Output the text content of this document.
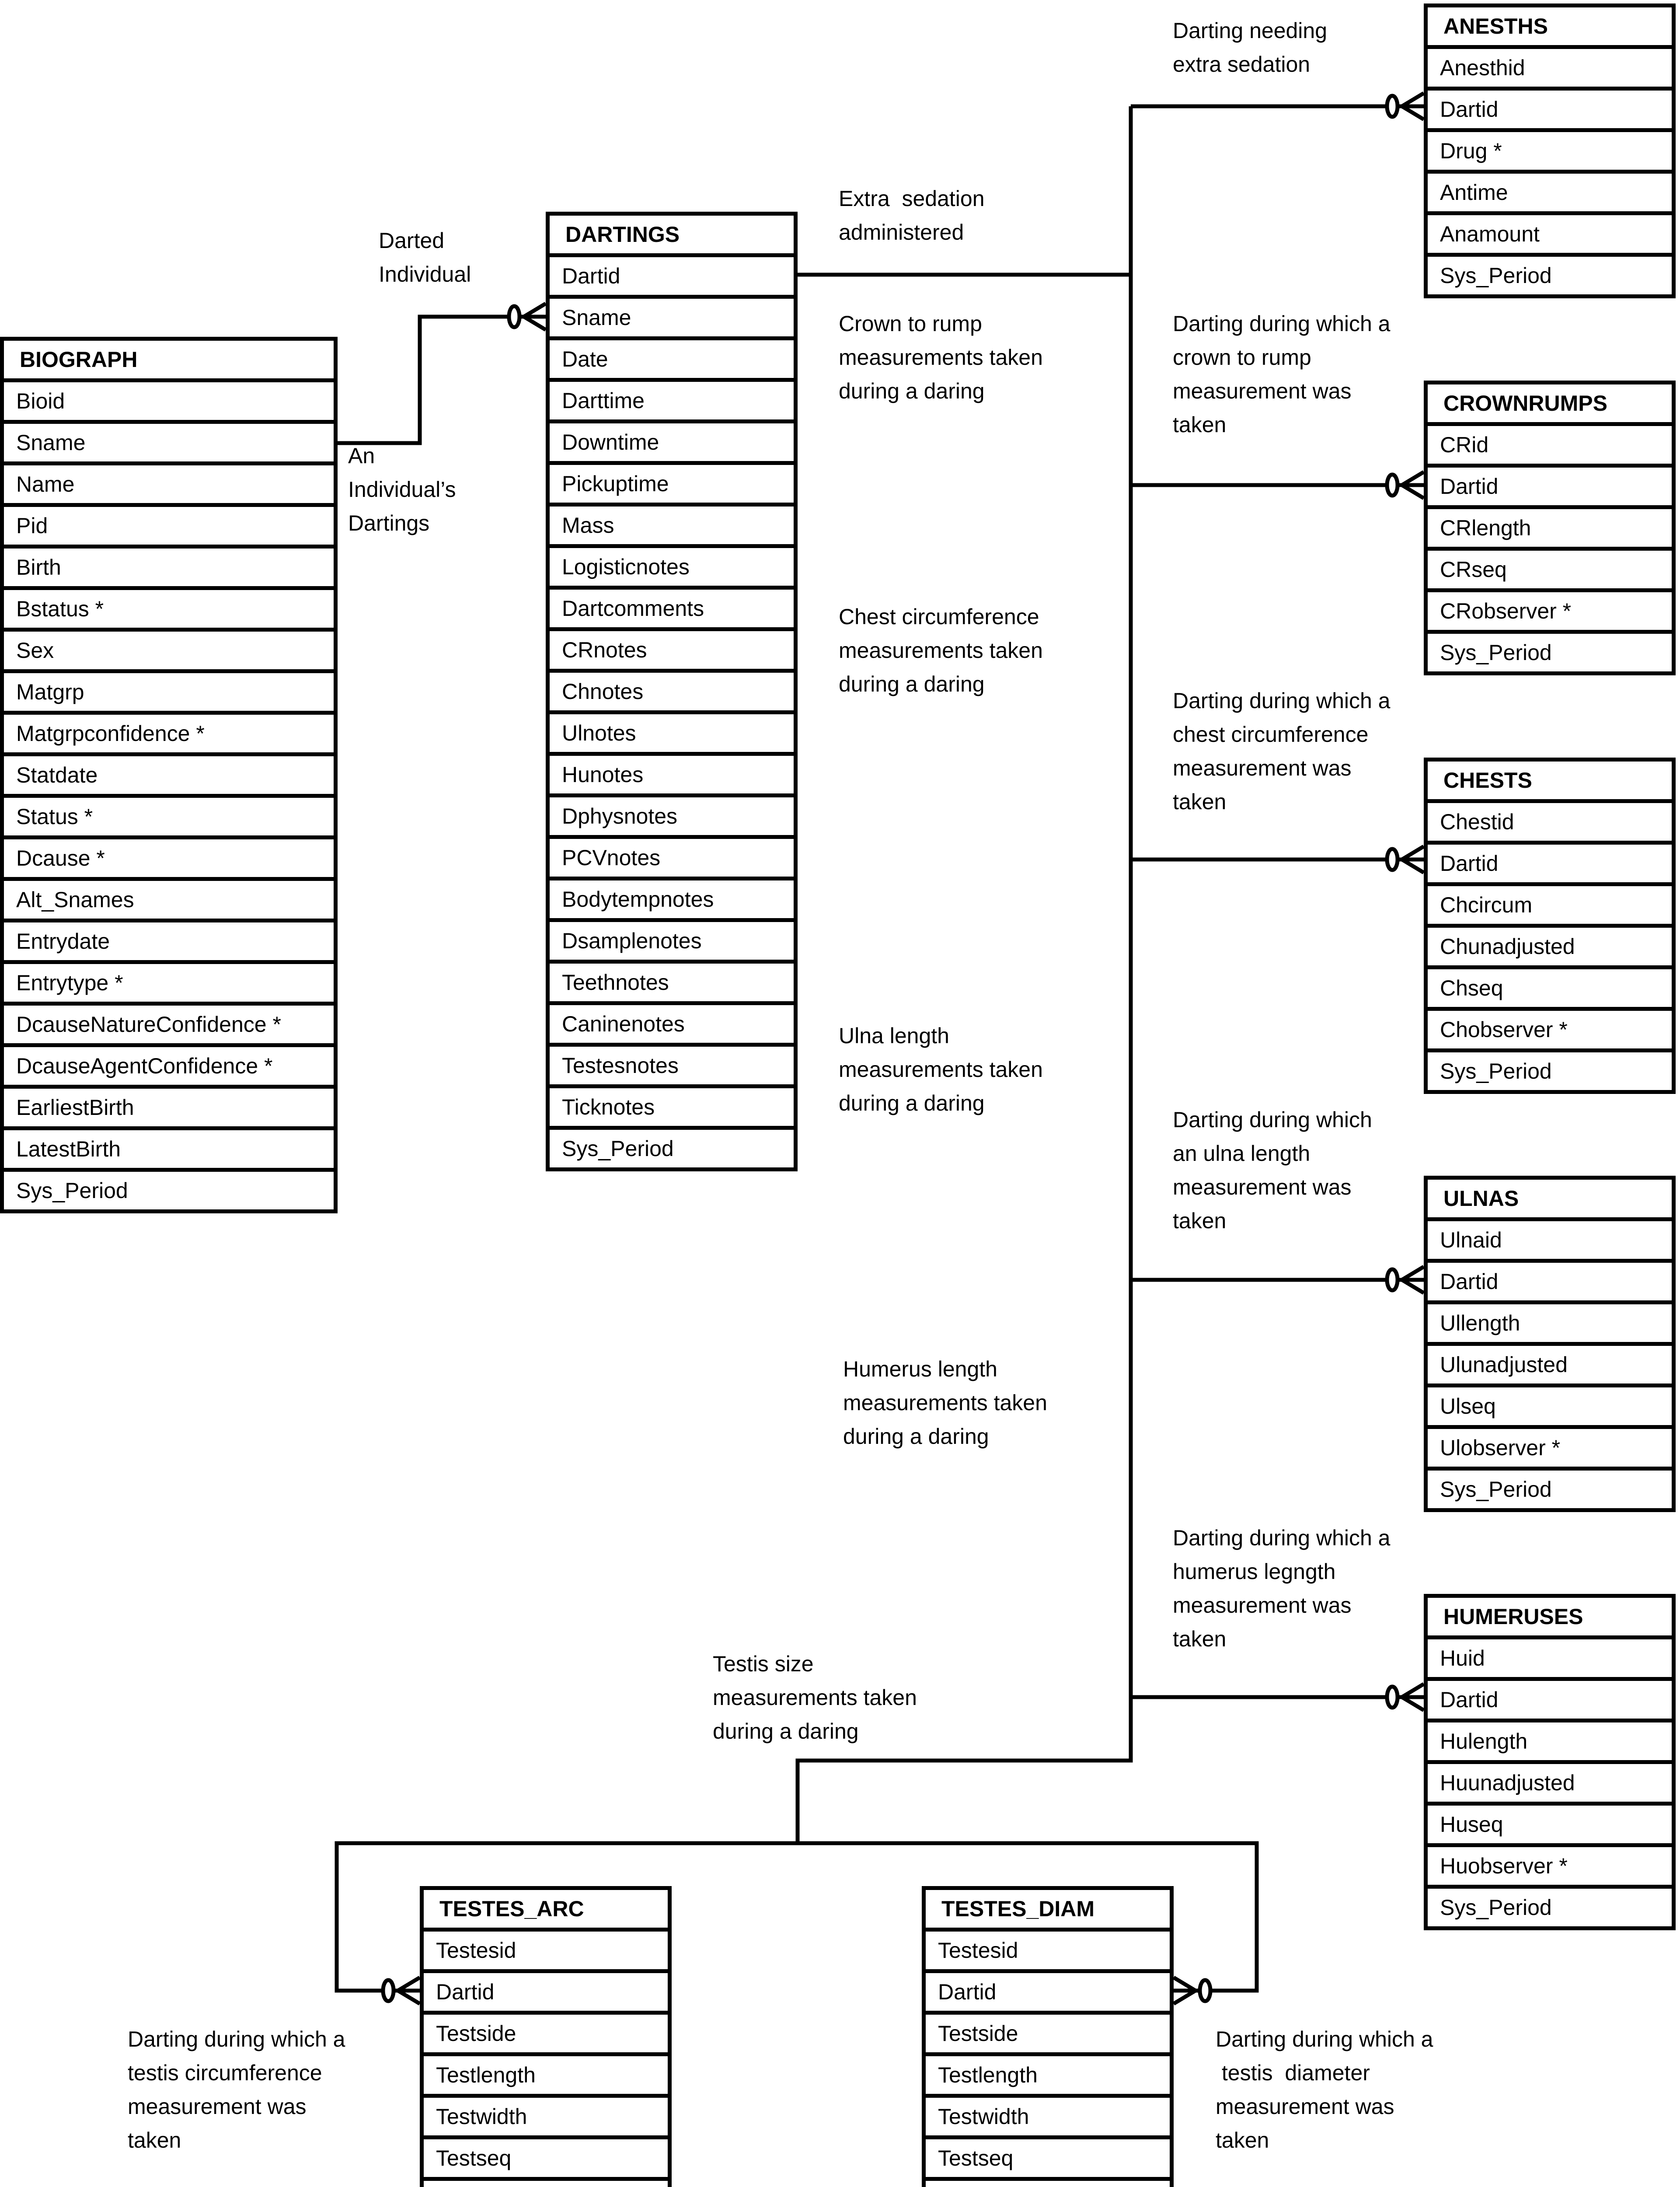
BIOGRAPH
Bioid
Sname
Name
Pid
Birth
Bstatus *
Sex
Matgrp
Matgrpconfidence *
Statdate
Status *
Dcause *
Alt_Snames
Entrydate
Entrytype *
DcauseNatureConfidence *
DcauseAgentConfidence *
EarliestBirth
LatestBirth
Sys_Period
DARTINGS
Dartid
Sname
Date
Darttime
Downtime
Pickuptime
Mass
Logisticnotes
Dartcomments
CRnotes
Chnotes
Ulnotes
Hunotes
Dphysnotes
PCVnotes
Bodytempnotes
Dsamplenotes
Teethnotes
Caninenotes
Testesnotes
Ticknotes
Sys_Period
ANESTHS
Anesthid
Dartid
Drug *
Antime
Anamount
Sys_Period
CROWNRUMPS
CRid
Dartid
CRlength
CRseq
CRobserver *
Sys_Period
CHESTS
Chestid
Dartid
Chcircum
Chunadjusted
Chseq
Chobserver *
Sys_Period
ULNAS
Ulnaid
Dartid
Ullength
Ulunadjusted
Ulseq
Ulobserver *
Sys_Period
HUMERUSES
Huid
Dartid
Hulength
Huunadjusted
Huseq
Huobserver *
Sys_Period
TESTES_ARC
Testesid
Dartid
Testside
Testlength
Testwidth
Testseq
TESTES_DIAM
Testesid
Dartid
Testside
Testlength
Testwidth
Testseq
Darted
Individual
An
Individual’s
Dartings
Extra  sedation
administered
Darting needing
extra sedation
Crown to rump
measurements taken
during a daring
Darting during which a
crown to rump
measurement was
taken
Chest circumference
measurements taken
during a daring
Darting during which a
chest circumference
measurement was
taken
Ulna length
measurements taken
during a daring
Darting during which
an ulna length
measurement was
taken
Humerus length
measurements taken
during a daring
Darting during which a
humerus legngth
measurement was
taken
Testis size
measurements taken
during a daring
Darting during which a
testis circumference
measurement was
taken
Darting during which a
testis  diameter
measurement was
taken
